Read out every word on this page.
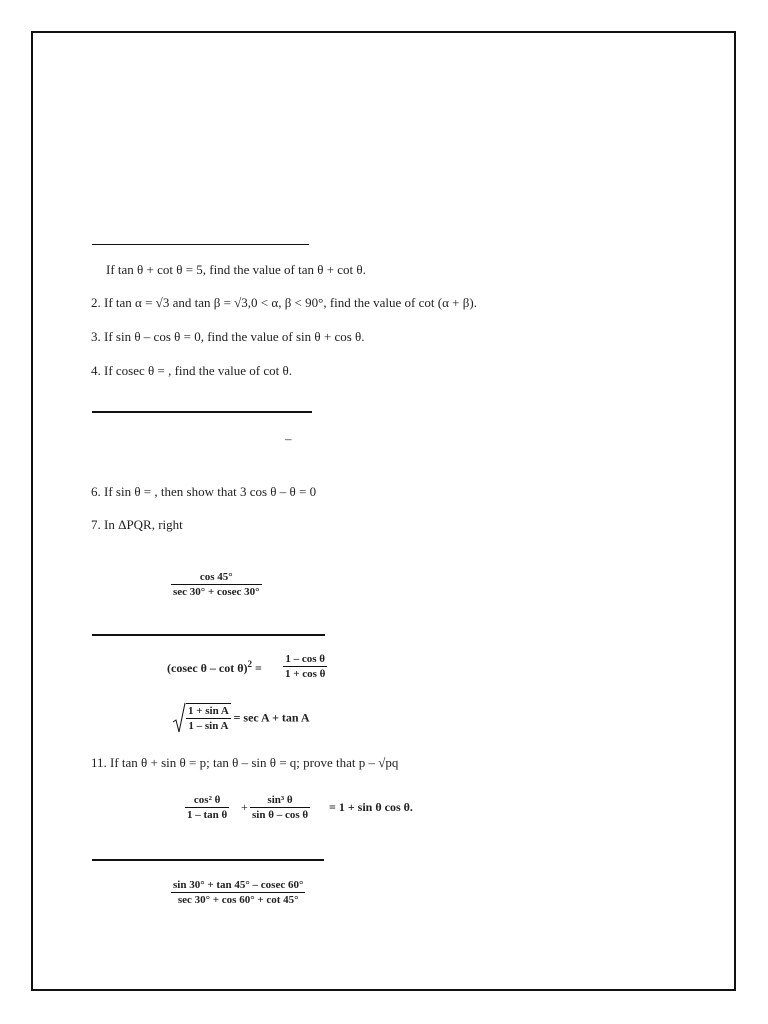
If tan θ + cot θ = 5, find the value of tan θ + cot θ.
2. If tan α = √3 and tan β = √3,0 < α, β < 90°, find the value of cot (α + β).
3. If sin θ – cos θ = 0, find the value of sin θ + cos θ.
4. If cosec θ = , find the value of cot θ.
–
6. If sin θ = , then show that 3 cos θ – θ = 0
7. In ΔPQR, right
cos 45°
sec 30° + cosec 30°
(cosec $\theta - \cot \theta)^2 = \frac{\text{1 – cos θ}}{\text{1 + cos θ}}$
$\frac{\text{1 + sin A}}{\text{1 – sin A}} = \sec A + \tan A$
11. If tan θ + sin θ = p; tan θ – sin θ = q; prove that p – √pq
$\frac{\text{cos² θ}}{\text{1 – tan θ}} + \frac{\text{sin³ θ}}{\text{sin θ – cos θ}} = 1 + \sin \theta$ cos θ.
sin 30° + tan 45° – cosec 60°
sec 30° + cos 60° + cot 45°
